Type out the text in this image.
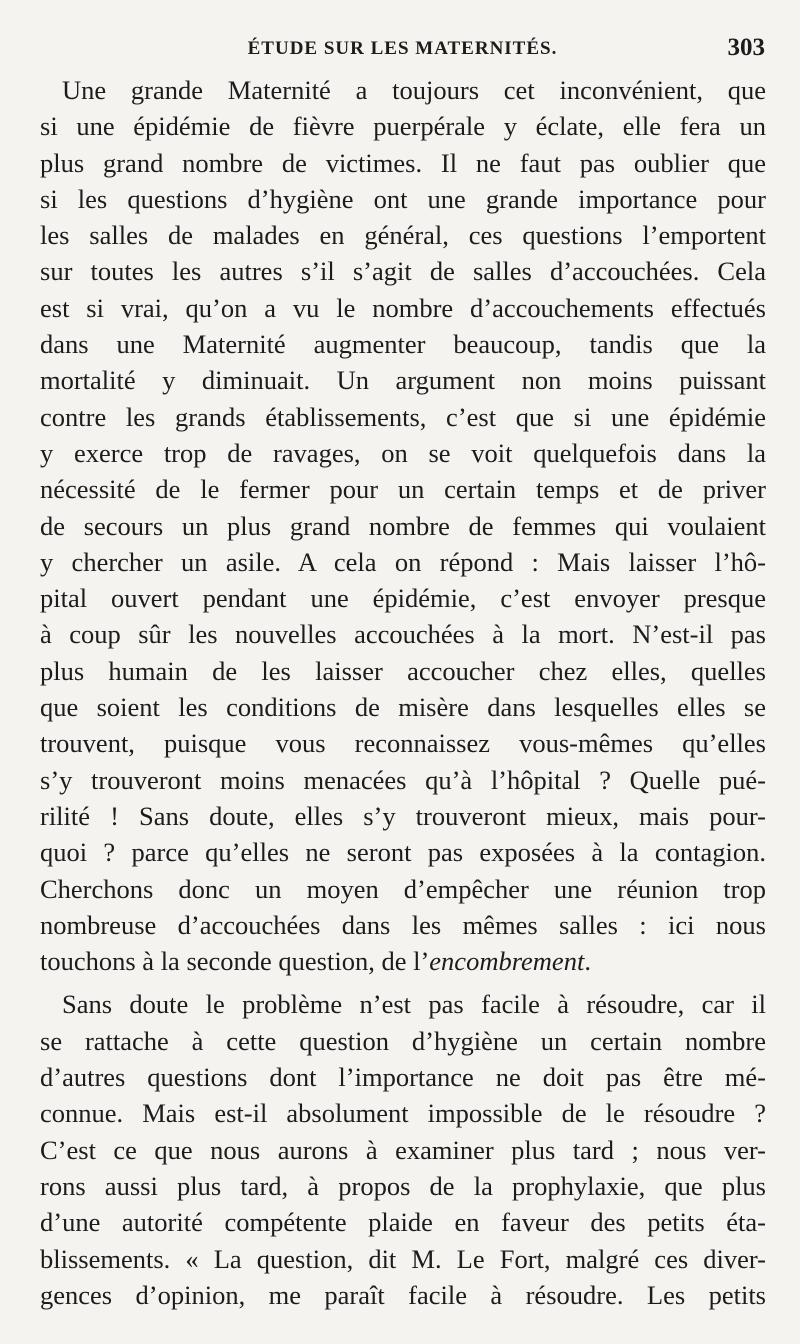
ÉTUDE SUR LES MATERNITÉS.	303
Une grande Maternité a toujours cet inconvénient, que
si une épidémie de fièvre puerpérale y éclate, elle fera un
plus grand nombre de victimes. Il ne faut pas oublier que
si les questions d’hygiène ont une grande importance pour
les salles de malades en général, ces questions l’emportent
sur toutes les autres s’il s’agit de salles d’accouchées. Cela
est si vrai, qu’on a vu le nombre d’accouchements effectués
dans une Maternité augmenter beaucoup, tandis que la
mortalité y diminuait. Un argument non moins puissant
contre les grands établissements, c’est que si une épidémie
y exerce trop de ravages, on se voit quelquefois dans la
nécessité de le fermer pour un certain temps et de priver
de secours un plus grand nombre de femmes qui voulaient
y chercher un asile. A cela on répond : Mais laisser l’hô-
pital ouvert pendant une épidémie, c’est envoyer presque
à coup sûr les nouvelles accouchées à la mort. N’est-il pas
plus humain de les laisser accoucher chez elles, quelles
que soient les conditions de misère dans lesquelles elles se
trouvent, puisque vous reconnaissez vous-mêmes qu’elles
s’y trouveront moins menacées qu’à l’hôpital ? Quelle pué-
rilité ! Sans doute, elles s’y trouveront mieux, mais pour-
quoi ? parce qu’elles ne seront pas exposées à la contagion.
Cherchons donc un moyen d’empêcher une réunion trop
nombreuse d’accouchées dans les mêmes salles : ici nous
touchons à la seconde question, de l’encombrement.
Sans doute le problème n’est pas facile à résoudre, car il
se rattache à cette question d’hygiène un certain nombre
d’autres questions dont l’importance ne doit pas être mé-
connue. Mais est-il absolument impossible de le résoudre ?
C’est ce que nous aurons à examiner plus tard ; nous ver-
rons aussi plus tard, à propos de la prophylaxie, que plus
d’une autorité compétente plaide en faveur des petits éta-
blissements. « La question, dit M. Le Fort, malgré ces diver-
gences d’opinion, me paraît facile à résoudre. Les petits
